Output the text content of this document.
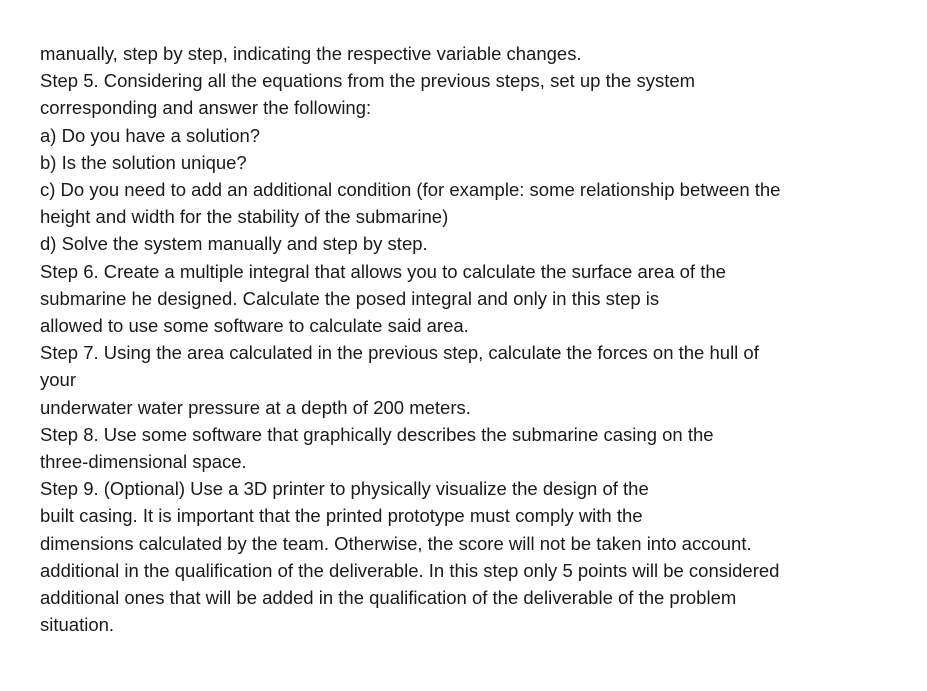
manually, step by step, indicating the respective variable changes.

Step 5. Considering all the equations from the previous steps, set up the system

corresponding and answer the following:

a) Do you have a solution?

b) Is the solution unique?

c) Do you need to add an additional condition (for example: some relationship between the

height and width for the stability of the submarine)

d) Solve the system manually and step by step.

Step 6. Create a multiple integral that allows you to calculate the surface area of the

submarine he designed. Calculate the posed integral and only in this step is

allowed to use some software to calculate said area.

Step 7. Using the area calculated in the previous step, calculate the forces on the hull of

your

underwater water pressure at a depth of 200 meters.

Step 8. Use some software that graphically describes the submarine casing on the

three-dimensional space.

Step 9. (Optional) Use a 3D printer to physically visualize the design of the

built casing. It is important that the printed prototype must comply with the

dimensions calculated by the team. Otherwise, the score will not be taken into account.

additional in the qualification of the deliverable. In this step only 5 points will be considered

additional ones that will be added in the qualification of the deliverable of the problem

situation.
